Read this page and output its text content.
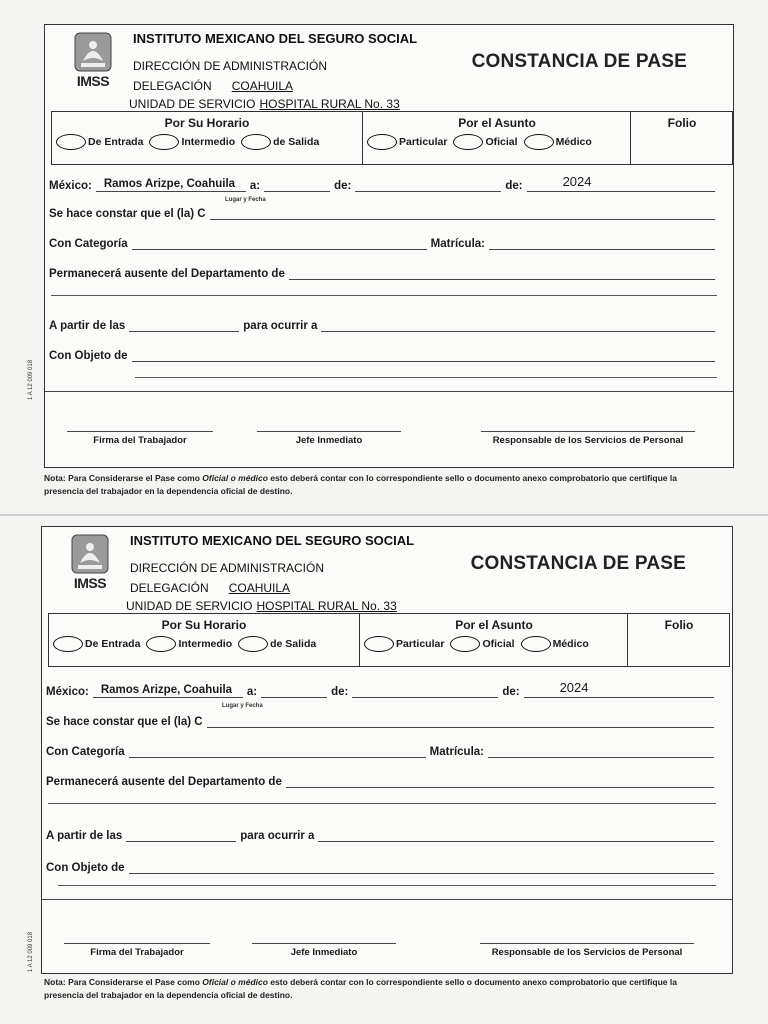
1 A 12 009 018
IMSS
INSTITUTO MEXICANO DEL SEGURO SOCIAL
DIRECCIÓN DE ADMINISTRACIÓN
DELEGACIÓN COAHUILA
UNIDAD DE SERVICIO HOSPITAL RURAL No. 33
CONSTANCIA DE PASE
Por Su Horario
De Entrada	Intermedio	de Salida
Por el Asunto
Particular	Oficial	Médico
Folio
México: Ramos Arizpe, Coahuila a:	de:	de:	2024
Lugar y Fecha
Se hace constar que el (la) C
Con Categoría	Matrícula:
Permanecerá ausente del Departamento de
A partir de las	para ocurrir a
Con Objeto de
Firma del Trabajador	Jefe Inmediato	Responsable de los Servicios de Personal
Nota: Para Considerarse el Pase como Oficial o médico esto deberá contar con lo correspondiente sello o documento anexo comprobatorio que certifique la presencia del trabajador en la dependencia oficial de destino.
1 A 12 009 018
IMSS
INSTITUTO MEXICANO DEL SEGURO SOCIAL
DIRECCIÓN DE ADMINISTRACIÓN
DELEGACIÓN COAHUILA
UNIDAD DE SERVICIO HOSPITAL RURAL No. 33
CONSTANCIA DE PASE
Por Su Horario
De Entrada	Intermedio	de Salida
Por el Asunto
Particular	Oficial	Médico
Folio
México: Ramos Arizpe, Coahuila a:	de:	de:	2024
Lugar y Fecha
Se hace constar que el (la) C
Con Categoría	Matrícula:
Permanecerá ausente del Departamento de
A partir de las	para ocurrir a
Con Objeto de
Firma del Trabajador	Jefe Inmediato	Responsable de los Servicios de Personal
Nota: Para Considerarse el Pase como Oficial o médico esto deberá contar con lo correspondiente sello o documento anexo comprobatorio que certifique la presencia del trabajador en la dependencia oficial de destino.
